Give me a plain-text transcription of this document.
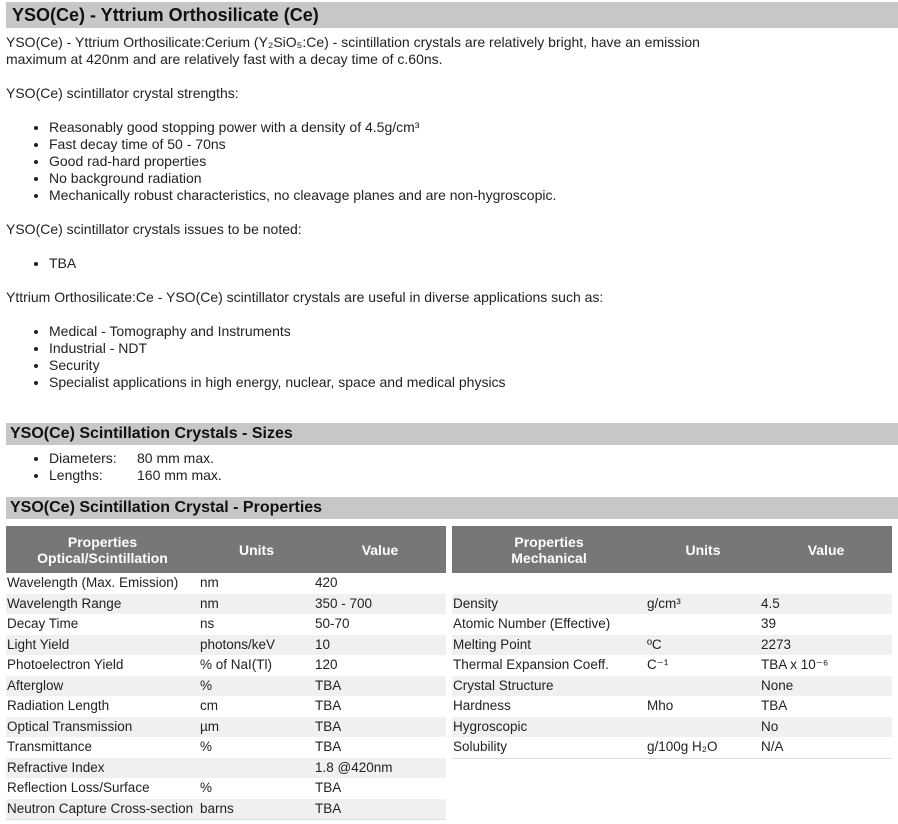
YSO(Ce) - Yttrium Orthosilicate (Ce)

YSO(Ce) - Yttrium Orthosilicate:Cerium (Y₂SiO₅:Ce) - scintillation crystals are relatively bright, have an emission maximum at 420nm and are relatively fast with a decay time of c.60ns.

YSO(Ce) scintillator crystal strengths:

• Reasonably good stopping power with a density of 4.5g/cm³
• Fast decay time of 50 - 70ns
• Good rad-hard properties
• No background radiation
• Mechanically robust characteristics, no cleavage planes and are non-hygroscopic.

YSO(Ce) scintillator crystals issues to be noted:

• TBA

Yttrium Orthosilicate:Ce - YSO(Ce) scintillator crystals are useful in diverse applications such as:

• Medical - Tomography and Instruments
• Industrial - NDT
• Security
• Specialist applications in high energy, nuclear, space and medical physics
YSO(Ce) Scintillation Crystals - Sizes
• Diameters: 80 mm max.
• Lengths: 160 mm max.
YSO(Ce) Scintillation Crystal - Properties
Properties
Optical/Scintillation	Units	Value
Wavelength (Max. Emission)	nm	420
Wavelength Range	nm	350 - 700
Decay Time	ns	50-70
Light Yield	photons/keV	10
Photoelectron Yield	% of NaI(Tl)	120
Afterglow	%	TBA
Radiation Length	cm	TBA
Optical Transmission	µm	TBA
Transmittance	%	TBA
Refractive Index		1.8 @420nm
Reflection Loss/Surface	%	TBA
Neutron Capture Cross-section	barns	TBA
Properties
Mechanical	Units	Value

Density	g/cm³	4.5
Atomic Number (Effective)		39
Melting Point	ºC	2273
Thermal Expansion Coeff.	C⁻¹	TBA x 10⁻⁶
Crystal Structure		None
Hardness	Mho	TBA
Hygroscopic		No
Solubility	g/100g H₂O	N/A
